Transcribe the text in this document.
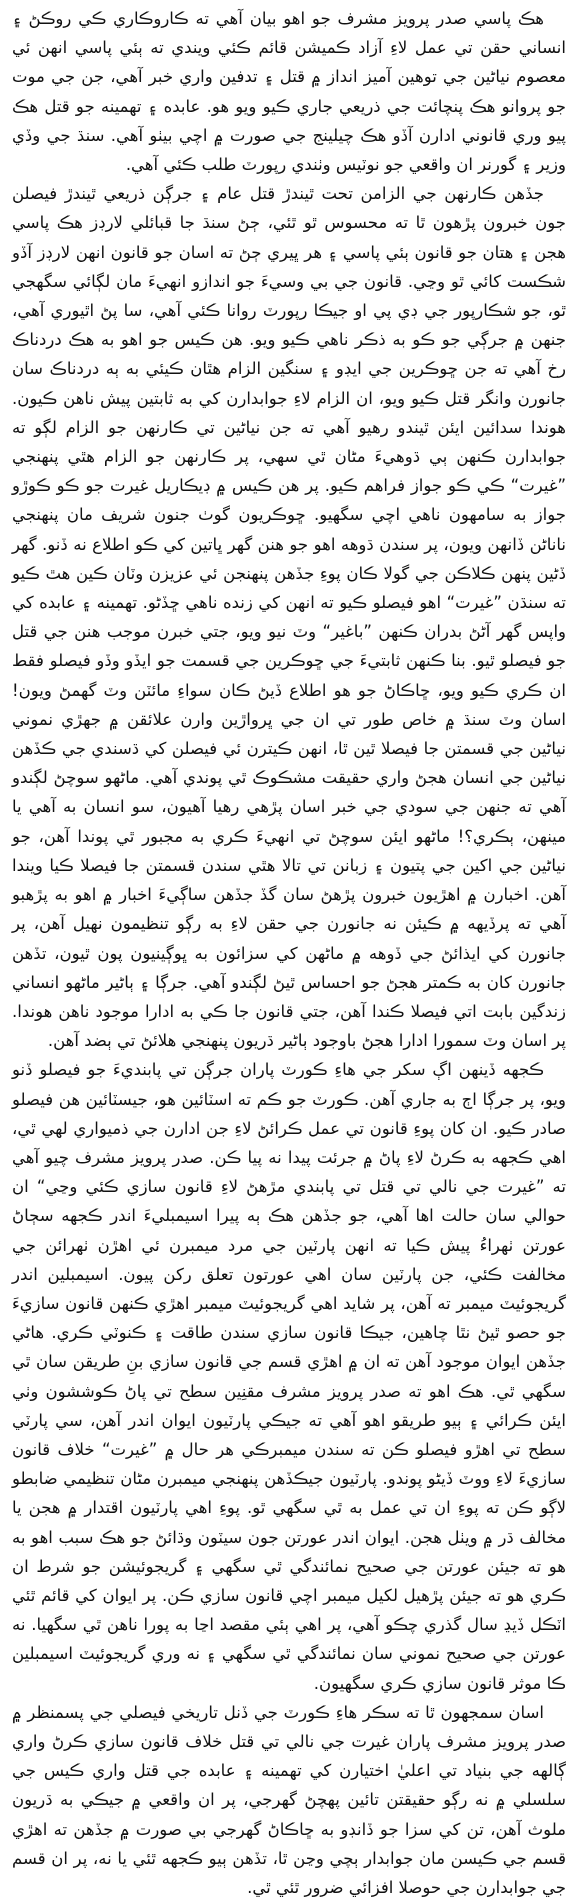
هڪ پاسي صدر پرويز مشرف جو اهو بيان آهي ته ڪاروڪاري ڪي روڪڻ ۽ انساني حقن تي عمل لاءِ آزاد ڪميشن قائم ڪئي ويندي ته ٻئي پاسي انهن ئي معصوم نياڻين جي توهين آميز انداز ۾ قتل ۽ تدفين واري خبر آهي، جن جي موت جو پروانو هڪ پنچائت جي ذريعي جاري ڪيو ويو هو. عابده ۽ تهمينه جو قتل هڪ پيو وري قانوني ادارن آڏو هڪ چيلينج جي صورت ۾ اچي بيٺو آهي. سنڌ جي وڏي وزير ۽ گورنر ان واقعي جو نوٽيس وٺندي رپورٽ طلب ڪئي آهي.

جڏهن ڪارنهن جي الزامن تحت ٿيندڙ قتل عام ۽ جرڳن ذريعي ٿيندڙ فيصلن جون خبرون پڙهون ٿا ته محسوس ٿو ٿئي، ڄڻ سنڌ جا قبائلي لارڊز هڪ پاسي هجن ۽ هتان جو قانون ٻئي پاسي ۽ هر ڀيري ڄڻ ته اسان جو قانون انهن لارڊز آڏو شڪست کائي ٿو وڃي. قانون جي بي وسيءَ جو اندازو انهيءَ مان لڳائي سگهجي ٿو، جو شڪارپور جي ڊي پي او جيڪا رپورٽ روانا ڪئي آهي، سا پڻ اٿيوري آهي، جنهن ۾ جرڳي جو ڪو به ذڪر ناهي ڪيو ويو. هن ڪيس جو اهو به هڪ دردناڪ رخ آهي ته جن ڇوڪرين جي ايڊو ۽ سنگين الزام هٿان ڪيئي به ٻه دردناڪ سان جانورن وانگر قتل ڪيو ويو، ان الزام لاءِ جوابدارن کي به ثابتين پيش ناهن ڪيون. هوندا سدائين ايئن ٿيندو رهيو آهي ته جن نياڻين تي ڪارنهن جو الزام لڳو ته جوابدارن ڪنهن ٻي ڌوهيءَ مڻان ٿي سهي، پر ڪارنهن جو الزام هٿي پنهنجي ”غيرت“ ڪي ڪو جواز فراهم ڪيو. پر هن ڪيس ۾ ڊيڪاريل غيرت جو ڪو ڪوڙو جواز به سامهون ناهي اچي سگهيو. ڇوڪريون گوٺ جنون شريف مان پنهنجي ناناڻن ڏانهن ويون، پر سندن ڌوهه اهو جو هنن گهر ڀاتين کي ڪو اطلاع نه ڏنو. گهر ڏڻين پنهن ڪلاڪن جي گولا ڪان پوءِ جڏهن پنهنجن ئي عزيزن وٽان ڪين هٿ ڪيو ته سنڌن ”غيرت“ اهو فيصلو ڪيو ته انهن کي زنده ناهي ڇڏڻو. تهمينه ۽ عابده کي واپس گهر آڻڻ بدران ڪنهن ”باغير“ وٽ نيو ويو، جتي خبرن موجب هنن جي قتل جو فيصلو ٿيو. بنا ڪنهن ثابتيءَ جي ڇوڪرين جي قسمت جو ايڏو وڏو فيصلو فقط ان ڪري ڪيو ويو، ڇاڪاڻ جو هو اطلاع ڏيڻ ڪان سواءِ مائٽن وٽ گهمڻ ويون! اسان وٽ سنڌ ۾ خاص طور تي ان جي ڀرواڙين وارن علائقن ۾ جهڙي نموني نياڻين جي قسمتن جا فيصلا ٿين ٿا، انهن ڪيترن ئي فيصلن کي ڌسندي جي ڪڏهن نياڻين جي انسان هجڻ واري حقيقت مشڪوڪ ٿي پوندي آهي. ماڻهو سوچڻ لڳندو آهي ته جنهن جي سودي جي خبر اسان پڙهي رهيا آهيون، سو انسان به آهي يا مينهن، ٻڪري؟! ماڻهو ايئن سوچڻ تي انهيءَ ڪري به مجبور ٿي پوندا آهن، جو نياڻين جي اکين جي پتيون ۽ زبانن تي تالا هٿي سندن قسمتن جا فيصلا ڪيا ويندا آهن. اخبارن ۾ اهڙيون خبرون پڙهڻ سان گڏ جڏهن ساڳيءَ اخبار ۾ اهو به پڙهبو آهي ته پرڏيهه ۾ ڪيئن نه جانورن جي حقن لاءِ به رڳو تنظيمون نهيل آهن، پر جانورن کي ايذائڻ جي ڏوهه ۾ ماڻهن کي سزائون به ڀوڳينيون پون ٿيون، تڏهن جانورن کان به ڪمتر هجڻ جو احساس ٿيڻ لڳندو آهي. جرڳا ۽ ٻاڻير ماڻهو انساني زندگين بابت اتي فيصلا ڪندا آهن، جتي قانون جا ڪي به ادارا موجود ناهن هوندا. پر اسان وٽ سمورا ادارا هجڻ باوجود ٻاڻير ڌريون پنهنجي هلائڻ تي ٻضد آهن.

ڪجهه ڏينهن اڳ سکر جي هاءِ ڪورٽ پاران جرڳن تي پابنديءَ جو فيصلو ڏنو ويو، پر جرڳا اڄ به جاري آهن. ڪورٽ جو ڪم ته اسٽائين هو، جيسٽائين هن فيصلو صادر ڪيو. ان کان پوءِ قانون تي عمل ڪرائڻ لاءِ جن ادارن جي ذميواري لهي ٿي، اهي ڪجهه به ڪرڻ لاءِ پاڻ ۾ جرئت پيدا نه پيا ڪن. صدر پرويز مشرف چيو آهي ته ”غيرت جي نالي تي قتل تي پابندي مڙهڻ لاءِ قانون سازي ڪئي وڃي“ ان حوالي سان حالت اها آهي، جو جڏهن هڪ ٻه پيرا اسيمبليءَ اندر ڪجهه سڄاڻ عورتن ٺهراءُ پيش ڪيا ته انهن پارٽين جي مرد ميمبرن ئي اهڙن ٺهرائن جي مخالفت ڪئي، جن پارٽين سان اهي عورتون تعلق رکن پيون. اسيمبلين اندر گريجوئيٽ ميمبر ته آهن، پر شايد اهي گريجوئيٽ ميمبر اهڙي ڪنهن قانون سازيءَ جو حصو ٿيڻ نٿا چاهين، جيڪا قانون سازي سندن طاقت ۽ ڪنوٽي ڪري. هاڻي جڏهن ايوان موجود آهن ته ان ۾ اهڙي قسم جي قانون سازي بنِ طريقن سان ٿي سگهي ٿي. هڪ اهو ته صدر پرويز مشرف مقنِين سطح تي پاڻ ڪوششون وٺي ايئن ڪرائي ۽ ٻيو طريقو اهو آهي ته جيڪي پارٽيون ايوان اندر آهن، سي پارٽي سطح تي اهڙو فيصلو ڪن ته سندن ميمبرڪي هر حال ۾ ”غيرت“ خلاف قانون سازيءَ لاءِ ووٽ ڏيڻو پوندو. پارٽيون جيڪڏهن پنهنجي ميمبرن مڻان تنظيمي ضابطو لاڳو ڪن ته پوءِ ان تي عمل به ٿي سگهي ٿو. پوءِ اهي پارٽيون اقتدار ۾ هجن يا مخالف ڌر ۾ ويٺل هجن. ايوان اندر عورتن جون سيٽون وڌائڻ جو هڪ سبب اهو به هو ته جيئن عورتن جي صحيح نمائندگي ٿي سگهي ۽ گريجوئيشن جو شرط ان ڪري هو ته جيئن پڙهيل لکيل ميمبر اچي قانون سازي ڪن. پر ايوان کي قائم ٿئي اٽڪل ڏيڍ سال گذري چڪو آهي، پر اهي ٻئي مقصد اڃا به پورا ناهن ٿي سگهيا. نه عورتن جي صحيح نموني سان نمائندگي ٿي سگهي ۽ نه وري گريجوئيٽ اسيمبلين ڪا موثر قانون سازي ڪري سگهيون.

اسان سمجهون ٿا ته سڪر هاءِ ڪورٽ جي ڏنل تاريخي فيصلي جي پسمنظر ۾ صدر پرويز مشرف پاران غيرت جي نالي تي قتل خلاف قانون سازي ڪرڻ واري ڳالهه جي بنياد تي اعليٰ اختيارن کي تهمينه ۽ عابده جي قتل واري ڪيس جي سلسلي ۾ نه رڳو حقيقتن تائين پهچڻ گهرجي، پر ان واقعي ۾ جيڪي به ڌريون ملوث آهن، تن کي سزا جو ڏانڊو به ڇاڪاڻ گهرجي بي صورت ۾ جڏهن ته اهڙي قسم جي ڪيسن مان جوابدار ٻچي وڃن ٿا، تڏهن ٻيو ڪجهه ٿئي يا نه، پر ان قسم جي جوابدارن جي حوصلا افزائي ضرور ٿئي ٿي.
